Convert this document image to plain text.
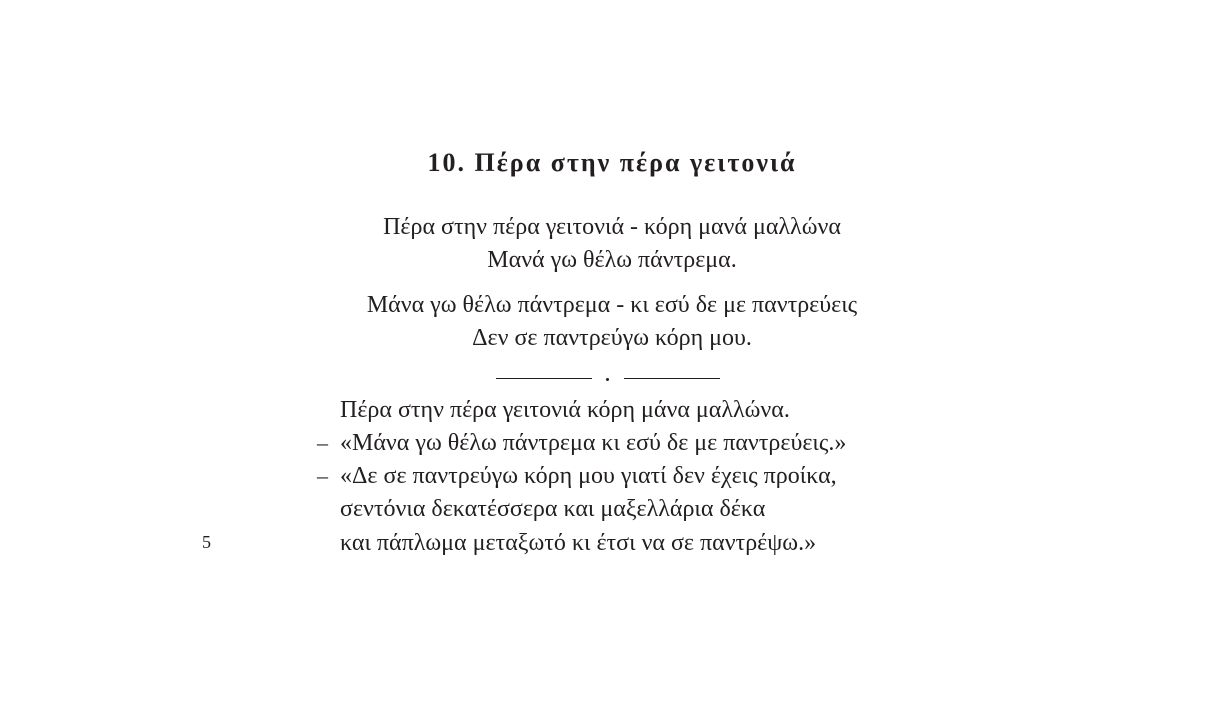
10. Πέρα στην πέρα γειτονιά

Πέρα στην πέρα γειτονιά - κόρη μανά μαλλώνα

Μανά γω θέλω πάντρεμα.

Μάνα γω θέλω πάντρεμα - κι εσύ δε με παντρεύεις

Δεν σε παντρεύγω κόρη μου.

Πέρα στην πέρα γειτονιά κόρη μάνα μαλλώνα.

– «Μάνα γω θέλω πάντρεμα κι εσύ δε με παντρεύεις.»

– «Δε σε παντρεύγω κόρη μου γιατί δεν έχεις προίκα,

σεντόνια δεκατέσσερα και μαξελλάρια δέκα

5	και πάπλωμα μεταξωτό κι έτσι να σε παντρέψω.»
